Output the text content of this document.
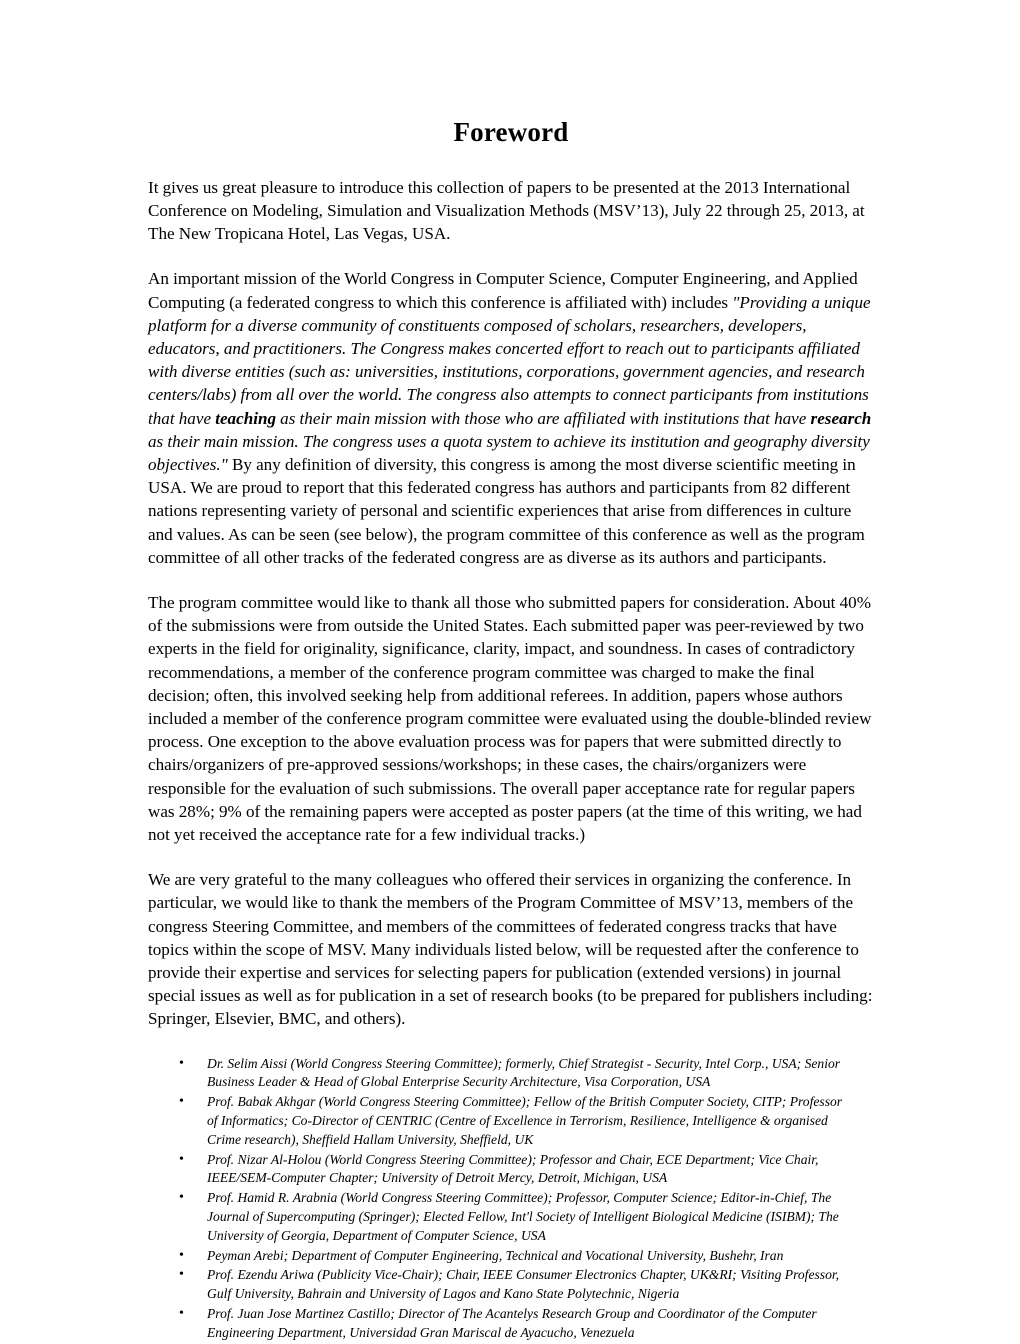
Foreword

It gives us great pleasure to introduce this collection of papers to be presented at the 2013 International Conference on Modeling, Simulation and Visualization Methods (MSV’13), July 22 through 25, 2013, at The New Tropicana Hotel, Las Vegas, USA.

An important mission of the World Congress in Computer Science, Computer Engineering, and Applied Computing (a federated congress to which this conference is affiliated with) includes "Providing a unique platform for a diverse community of constituents composed of scholars, researchers, developers, educators, and practitioners. The Congress makes concerted effort to reach out to participants affiliated with diverse entities (such as: universities, institutions, corporations, government agencies, and research centers/labs) from all over the world. The congress also attempts to connect participants from institutions that have teaching as their main mission with those who are affiliated with institutions that have research as their main mission. The congress uses a quota system to achieve its institution and geography diversity objectives." By any definition of diversity, this congress is among the most diverse scientific meeting in USA. We are proud to report that this federated congress has authors and participants from 82 different nations representing variety of personal and scientific experiences that arise from differences in culture and values. As can be seen (see below), the program committee of this conference as well as the program committee of all other tracks of the federated congress are as diverse as its authors and participants.

The program committee would like to thank all those who submitted papers for consideration. About 40% of the submissions were from outside the United States. Each submitted paper was peer-reviewed by two experts in the field for originality, significance, clarity, impact, and soundness. In cases of contradictory recommendations, a member of the conference program committee was charged to make the final decision; often, this involved seeking help from additional referees. In addition, papers whose authors included a member of the conference program committee were evaluated using the double-blinded review process. One exception to the above evaluation process was for papers that were submitted directly to chairs/organizers of pre-approved sessions/workshops; in these cases, the chairs/organizers were responsible for the evaluation of such submissions. The overall paper acceptance rate for regular papers was 28%; 9% of the remaining papers were accepted as poster papers (at the time of this writing, we had not yet received the acceptance rate for a few individual tracks.)

We are very grateful to the many colleagues who offered their services in organizing the conference. In particular, we would like to thank the members of the Program Committee of MSV’13, members of the congress Steering Committee, and members of the committees of federated congress tracks that have topics within the scope of MSV. Many individuals listed below, will be requested after the conference to provide their expertise and services for selecting papers for publication (extended versions) in journal special issues as well as for publication in a set of research books (to be prepared for publishers including: Springer, Elsevier, BMC, and others).

• Dr. Selim Aissi (World Congress Steering Committee); formerly, Chief Strategist - Security, Intel Corp., USA; Senior Business Leader & Head of Global Enterprise Security Architecture, Visa Corporation, USA
• Prof. Babak Akhgar (World Congress Steering Committee); Fellow of the British Computer Society, CITP; Professor of Informatics; Co-Director of CENTRIC (Centre of Excellence in Terrorism, Resilience, Intelligence & organised Crime research), Sheffield Hallam University, Sheffield, UK
• Prof. Nizar Al-Holou (World Congress Steering Committee); Professor and Chair, ECE Department; Vice Chair, IEEE/SEM-Computer Chapter; University of Detroit Mercy, Detroit, Michigan, USA
• Prof. Hamid R. Arabnia (World Congress Steering Committee); Professor, Computer Science; Editor-in-Chief, The Journal of Supercomputing (Springer); Elected Fellow, Int'l Society of Intelligent Biological Medicine (ISIBM); The University of Georgia, Department of Computer Science, USA
• Peyman Arebi; Department of Computer Engineering, Technical and Vocational University, Bushehr, Iran
• Prof. Ezendu Ariwa (Publicity Vice-Chair); Chair, IEEE Consumer Electronics Chapter, UK&RI; Visiting Professor, Gulf University, Bahrain and University of Lagos and Kano State Polytechnic, Nigeria
• Prof. Juan Jose Martinez Castillo; Director of The Acantelys Research Group and Coordinator of the Computer Engineering Department, Universidad Gran Mariscal de Ayacucho, Venezuela
